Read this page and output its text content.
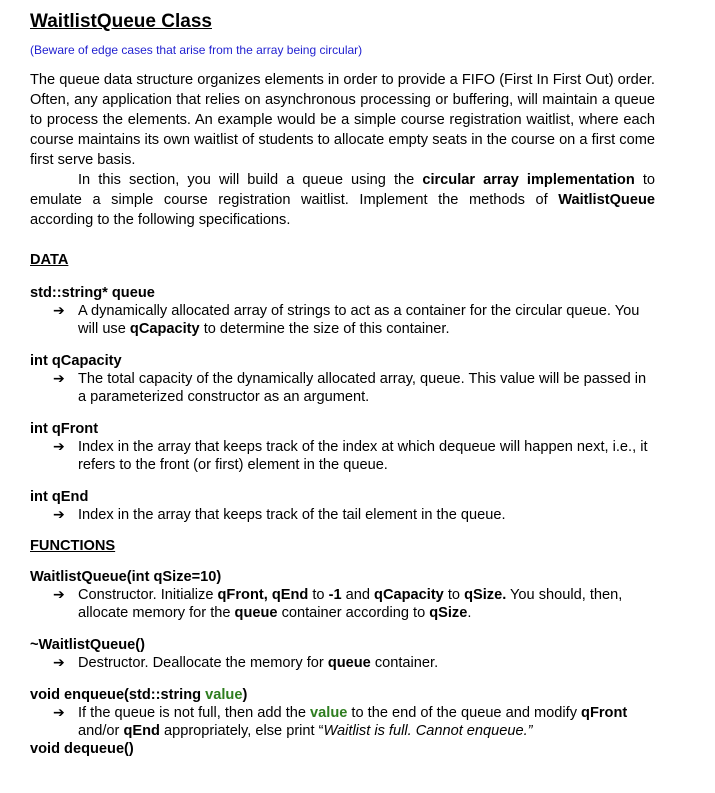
WaitlistQueue Class

(Beware of edge cases that arise from the array being circular)

The queue data structure organizes elements in order to provide a FIFO (First In First Out) order. Often, any application that relies on asynchronous processing or buffering, will maintain a queue to process the elements. An example would be a simple course registration waitlist, where each course maintains its own waitlist of students to allocate empty seats in the course on a first come first serve basis.

In this section, you will build a queue using the circular array implementation to emulate a simple course registration waitlist. Implement the methods of WaitlistQueue according to the following specifications.

DATA

std::string* queue

➔ A dynamically allocated array of strings to act as a container for the circular queue. You will use qCapacity to determine the size of this container.

int qCapacity

➔ The total capacity of the dynamically allocated array, queue. This value will be passed in a parameterized constructor as an argument.

int qFront

➔ Index in the array that keeps track of the index at which dequeue will happen next, i.e., it refers to the front (or first) element in the queue.

int qEnd

➔ Index in the array that keeps track of the tail element in the queue.

FUNCTIONS

WaitlistQueue(int qSize=10)

➔ Constructor. Initialize qFront, qEnd to -1 and qCapacity to qSize. You should, then, allocate memory for the queue container according to qSize.

~WaitlistQueue()

➔ Destructor. Deallocate the memory for queue container.

void enqueue(std::string value)

➔ If the queue is not full, then add the value to the end of the queue and modify qFront
and/or qEnd appropriately, else print “Waitlist is full. Cannot enqueue.”

void dequeue()
